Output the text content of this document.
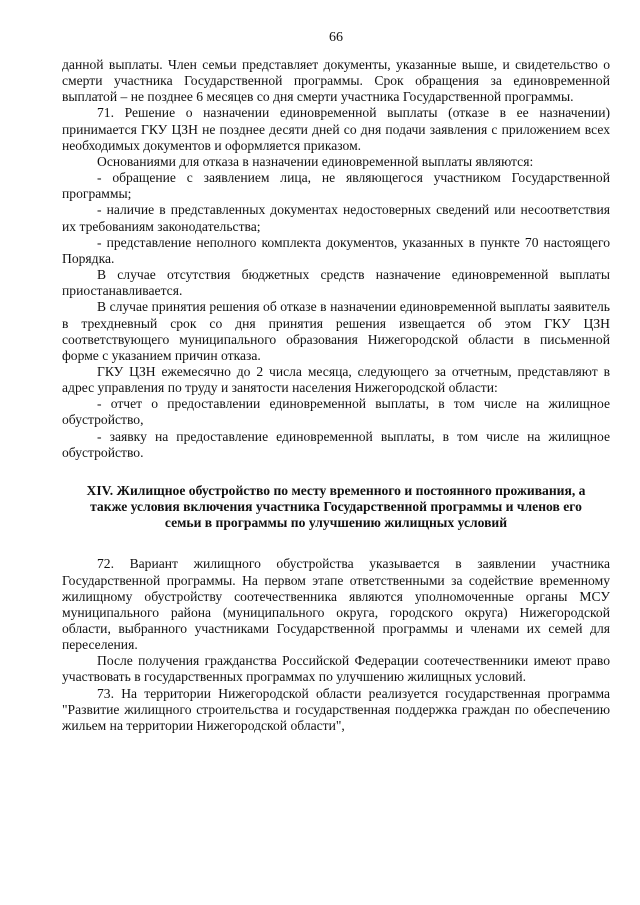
66

данной выплаты. Член семьи представляет документы, указанные выше, и свидетельство о смерти участника Государственной программы. Срок обращения за единовременной выплатой – не позднее 6 месяцев со дня смерти участника Государственной программы.

71. Решение о назначении единовременной выплаты (отказе в ее назначении) принимается ГКУ ЦЗН не позднее десяти дней со дня подачи заявления с приложением всех необходимых документов и оформляется приказом.

Основаниями для отказа в назначении единовременной выплаты являются:

- обращение с заявлением лица, не являющегося участником Государственной программы;

- наличие в представленных документах недостоверных сведений или несоответствия их требованиям законодательства;

- представление неполного комплекта документов, указанных в пункте 70 настоящего Порядка.

В случае отсутствия бюджетных средств назначение единовременной выплаты приостанавливается.

В случае принятия решения об отказе в назначении единовременной выплаты заявитель в трехдневный срок со дня принятия решения извещается об этом ГКУ ЦЗН соответствующего муниципального образования Нижегородской области в письменной форме с указанием причин отказа.

ГКУ ЦЗН ежемесячно до 2 числа месяца, следующего за отчетным, представляют в адрес управления по труду и занятости населения Нижегородской области:

- отчет о предоставлении единовременной выплаты, в том числе на жилищное обустройство,

- заявку на предоставление единовременной выплаты, в том числе на жилищное обустройство.

XIV. Жилищное обустройство по месту временного и постоянного проживания, а также условия включения участника Государственной программы и членов его семьи в программы по улучшению жилищных условий

72. Вариант жилищного обустройства указывается в заявлении участника Государственной программы. На первом этапе ответственными за содействие временному жилищному обустройству соотечественника являются уполномоченные органы МСУ муниципального района (муниципального округа, городского округа) Нижегородской области, выбранного участниками Государственной программы и членами их семей для переселения.

После получения гражданства Российской Федерации соотечественники имеют право участвовать в государственных программах по улучшению жилищных условий.

73. На территории Нижегородской области реализуется государственная программа "Развитие жилищного строительства и государственная поддержка граждан по обеспечению жильем на территории Нижегородской области",
